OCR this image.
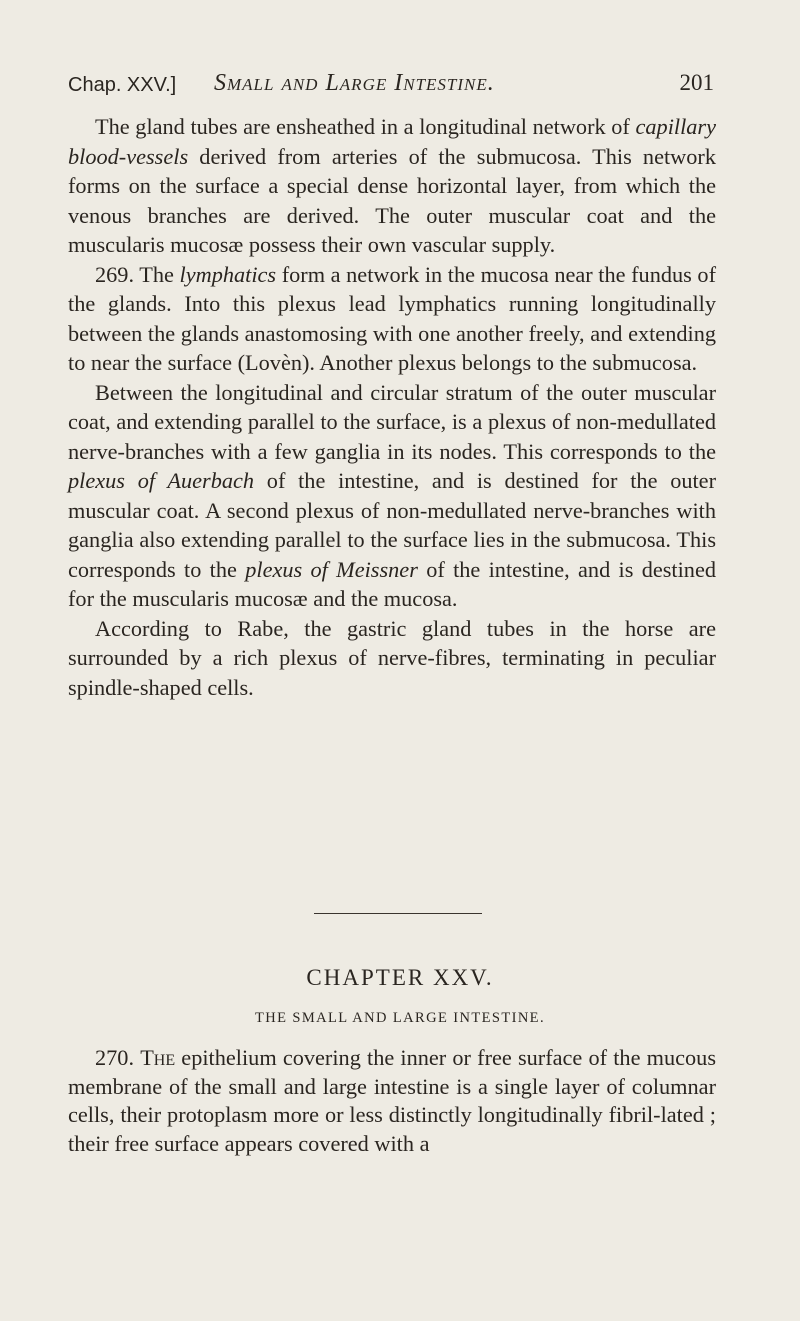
Chap. XXV.] Small and Large Intestine.	201

The gland tubes are ensheathed in a longitudinal network of capillary blood-vessels derived from arteries of the submucosa. This network forms on the surface a special dense horizontal layer, from which the venous branches are derived. The outer muscular coat and the muscularis mucosæ possess their own vascular supply.

269. The lymphatics form a network in the mucosa near the fundus of the glands. Into this plexus lead lymphatics running longitudinally between the glands anastomosing with one another freely, and extending to near the surface (Lovèn). Another plexus belongs to the submucosa.

Between the longitudinal and circular stratum of the outer muscular coat, and extending parallel to the surface, is a plexus of non-medullated nerve-branches with a few ganglia in its nodes. This corresponds to the plexus of Auerbach of the intestine, and is destined for the outer muscular coat. A second plexus of non-medullated nerve-branches with ganglia also extending parallel to the surface lies in the submucosa. This corresponds to the plexus of Meissner of the intestine, and is destined for the muscularis mucosæ and the mucosa.

According to Rabe, the gastric gland tubes in the horse are surrounded by a rich plexus of nerve-fibres, terminating in peculiar spindle-shaped cells.

CHAPTER XXV.
THE SMALL AND LARGE INTESTINE.

270. The epithelium covering the inner or free surface of the mucous membrane of the small and large intestine is a single layer of columnar cells, their protoplasm more or less distinctly longitudinally fibril-lated ; their free surface appears covered with a
